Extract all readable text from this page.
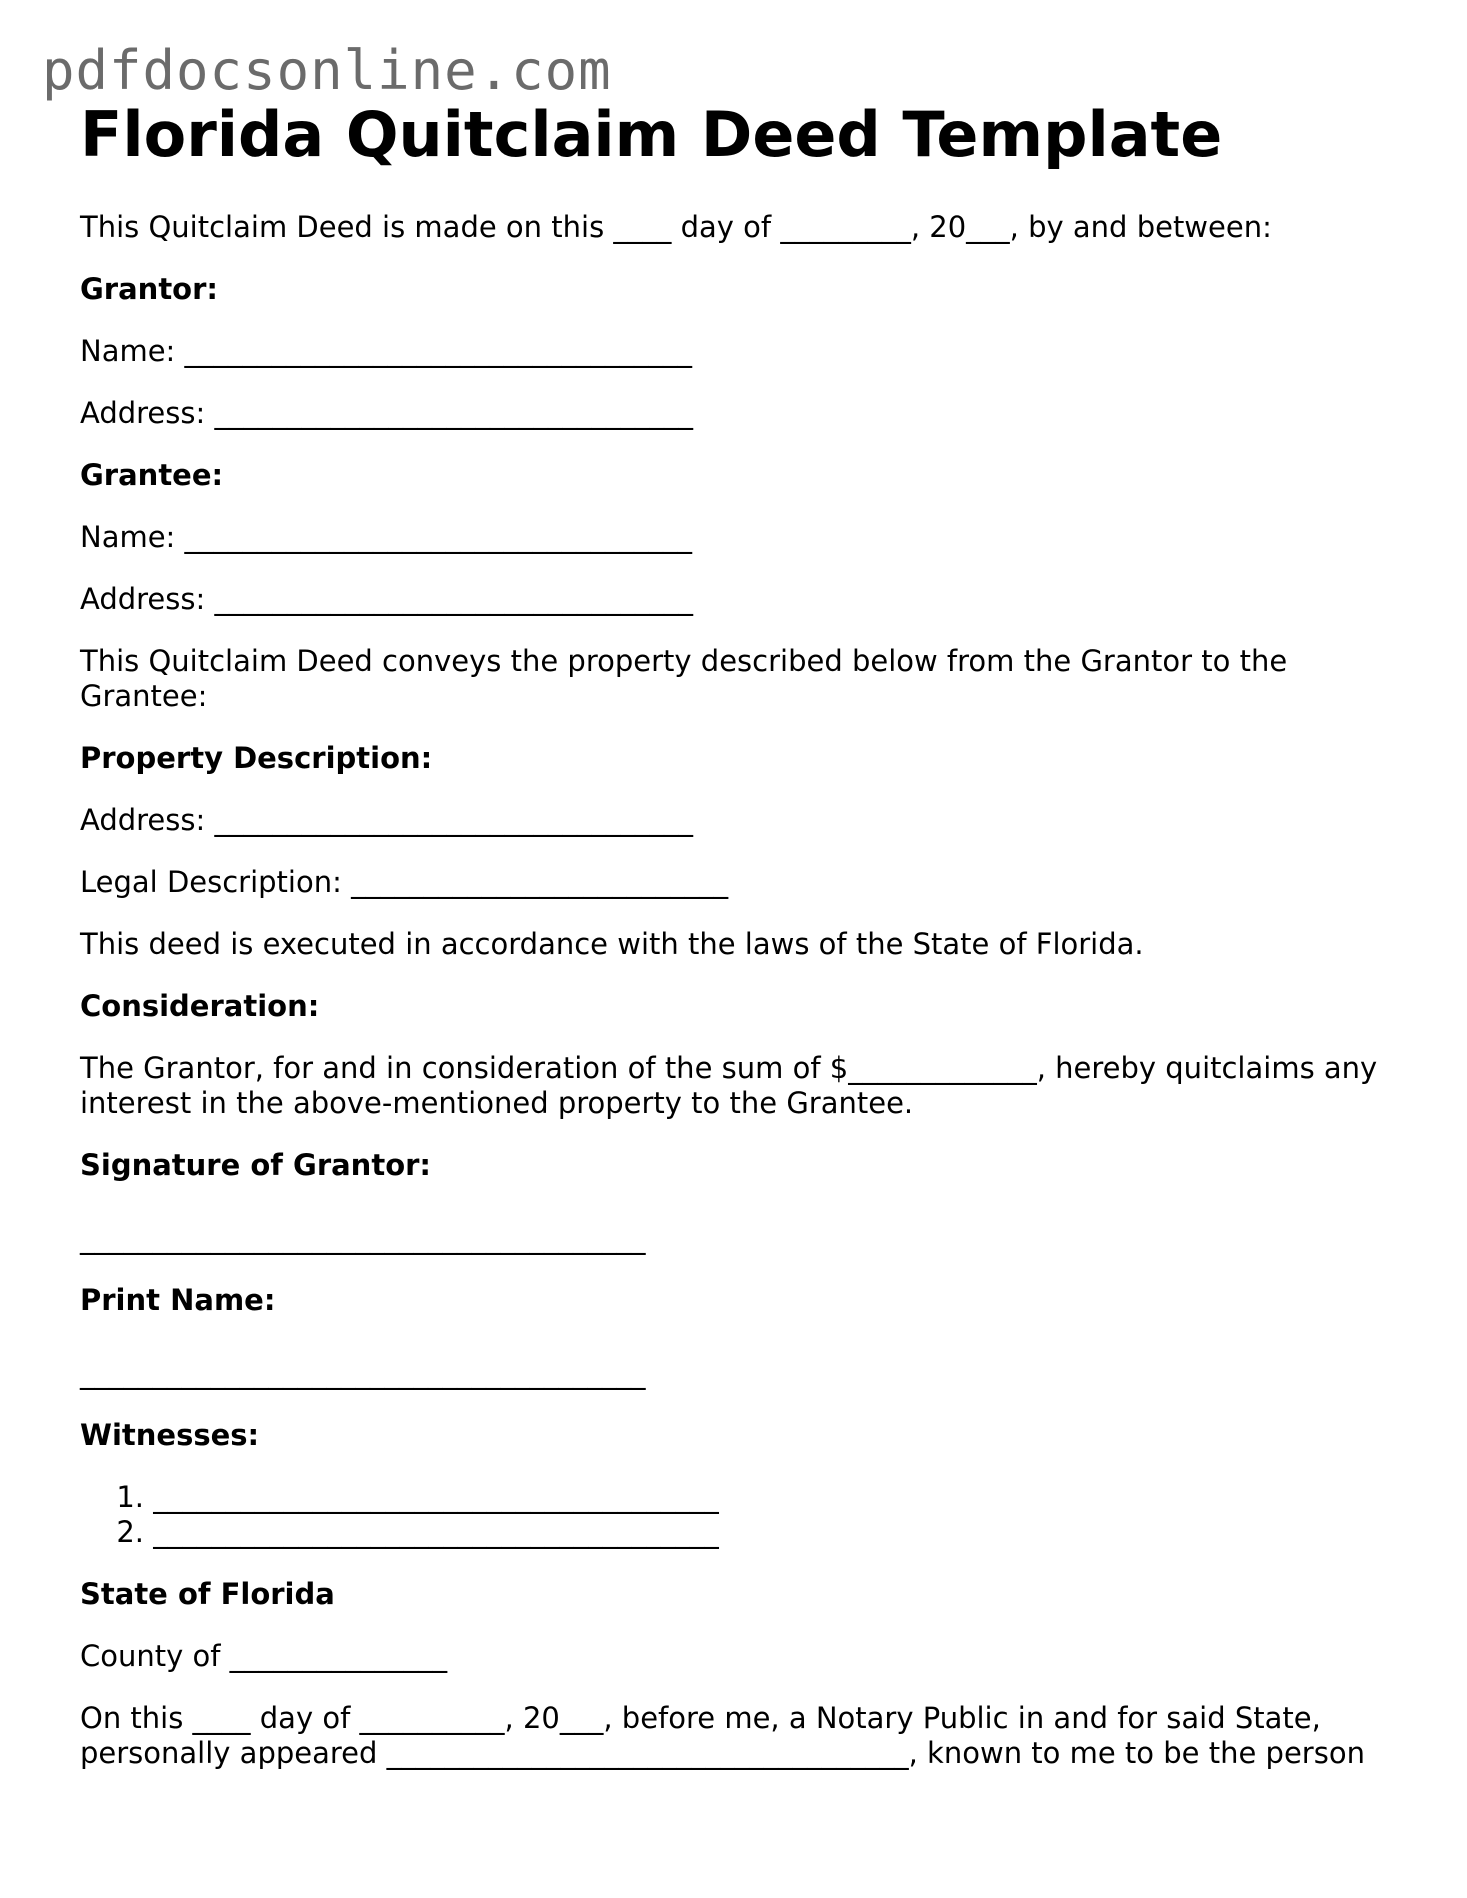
pdfdocsonline.com
Florida Quitclaim Deed Template

This Quitclaim Deed is made on this ____ day of _________, 20___, by and between:

Grantor:

Name: ___________________________________

Address: _________________________________

Grantee:

Name: ___________________________________

Address: _________________________________

This Quitclaim Deed conveys the property described below from the Grantor to the
Grantee:

Property Description:

Address: _________________________________

Legal Description: __________________________

This deed is executed in accordance with the laws of the State of Florida.

Consideration:

The Grantor, for and in consideration of the sum of $_____________, hereby quitclaims any
interest in the above-mentioned property to the Grantee.

Signature of Grantor:

_______________________________________

Print Name:

_______________________________________

Witnesses:

1. _______________________________________
2. _______________________________________

State of Florida

County of _______________

On this ____ day of __________, 20___, before me, a Notary Public in and for said State,
personally appeared ____________________________________, known to me to be the person
